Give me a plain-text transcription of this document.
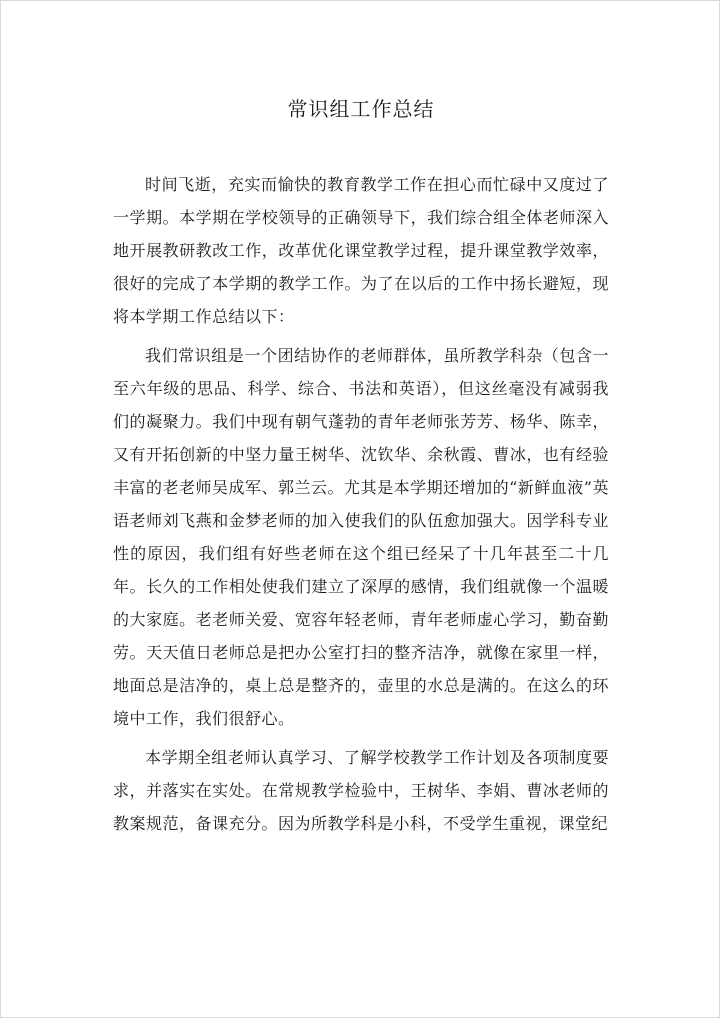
常识组工作总结

时间飞逝，充实而愉快的教育教学工作在担心而忙碌中又度过了一学期。本学期在学校领导的正确领导下，我们综合组全体老师深入地开展教研教改工作，改革优化课堂教学过程，提升课堂教学效率，很好的完成了本学期的教学工作。为了在以后的工作中扬长避短，现将本学期工作总结以下：

我们常识组是一个团结协作的老师群体，虽所教学科杂（包含一至六年级的思品、科学、综合、书法和英语），但这丝毫没有减弱我们的凝聚力。我们中现有朝气蓬勃的青年老师张芳芳、杨华、陈幸，又有开拓创新的中坚力量王树华、沈钦华、余秋霞、曹冰，也有经验丰富的老老师吴成军、郭兰云。尤其是本学期还增加的“新鲜血液”英语老师刘飞燕和金梦老师的加入使我们的队伍愈加强大。因学科专业性的原因，我们组有好些老师在这个组已经呆了十几年甚至二十几年。长久的工作相处使我们建立了深厚的感情，我们组就像一个温暖的大家庭。老老师关爱、宽容年轻老师，青年老师虚心学习，勤奋勤劳。天天值日老师总是把办公室打扫的整齐洁净，就像在家里一样，地面总是洁净的，桌上总是整齐的，壶里的水总是满的。在这么的环境中工作，我们很舒心。

本学期全组老师认真学习、了解学校教学工作计划及各项制度要求，并落实在实处。在常规教学检验中，王树华、李娟、曹冰老师的教案规范，备课充分。因为所教学科是小科，不受学生重视，课堂纪
